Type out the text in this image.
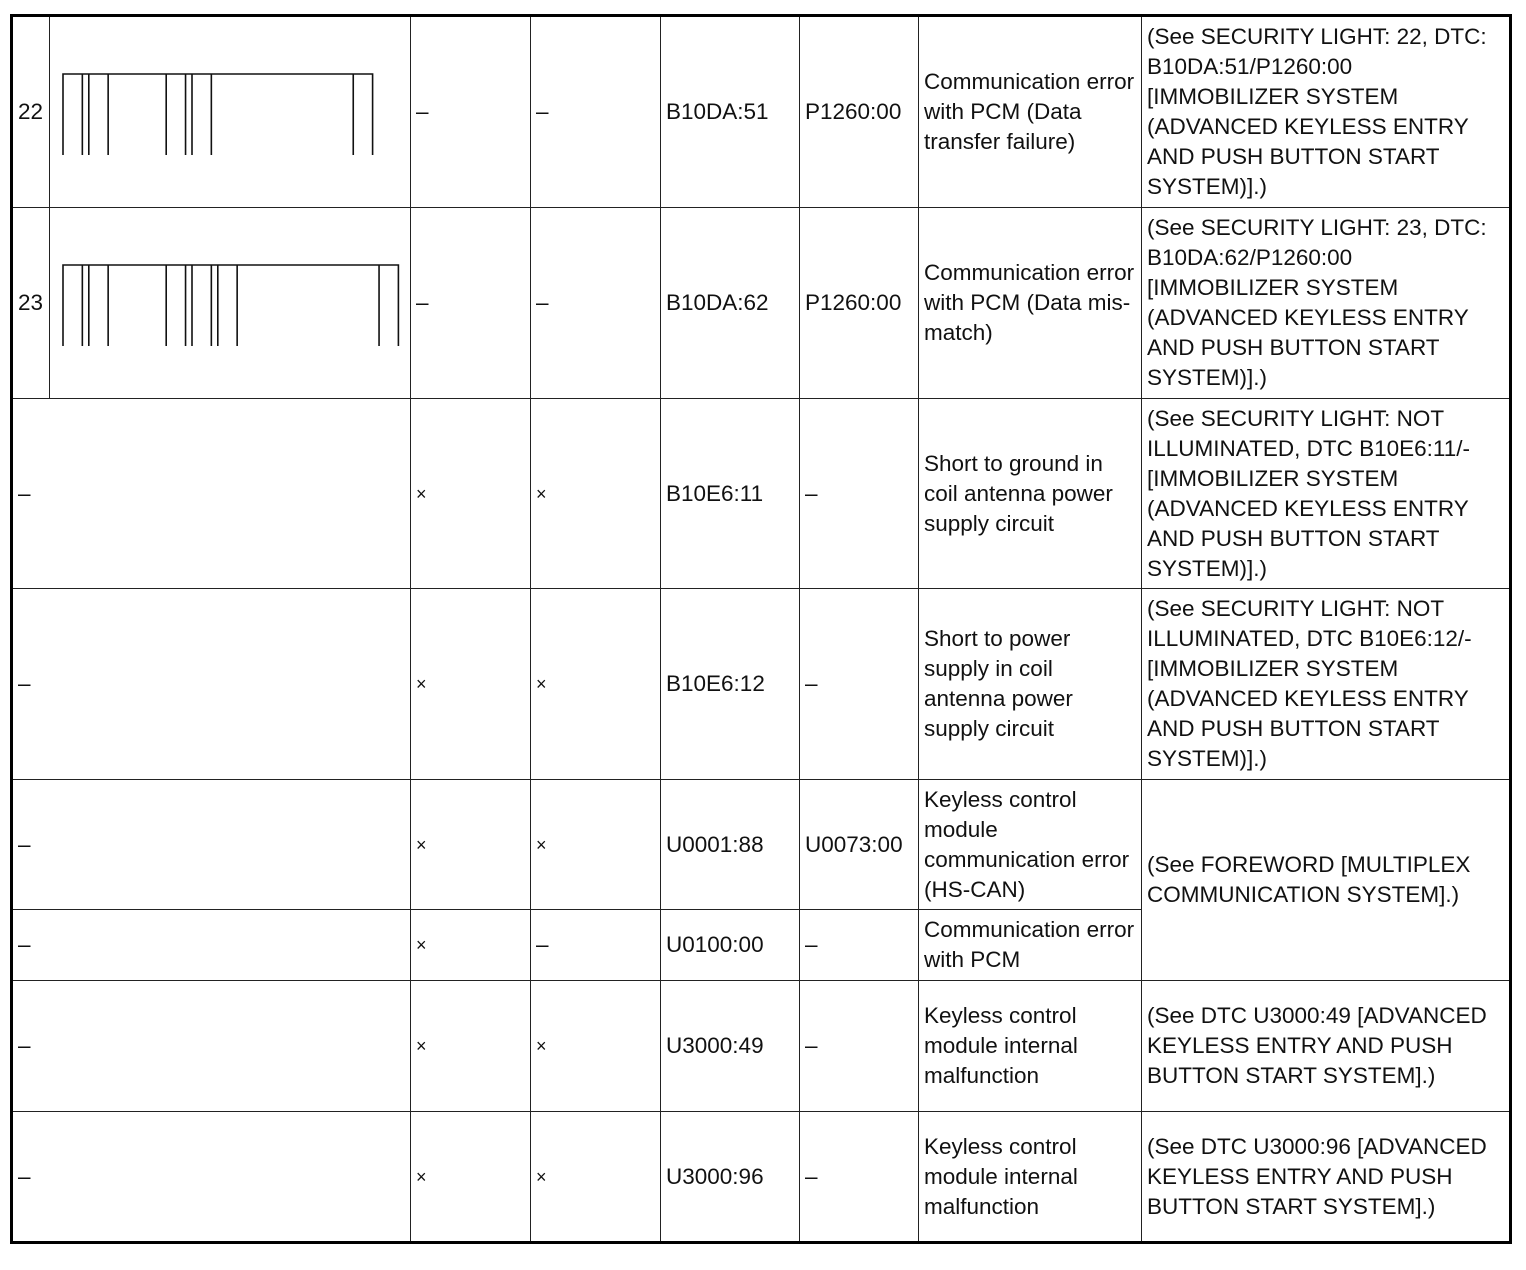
22		–	–	B10DA:51	P1260:00	Communication error with PCM (Data transfer failure)	(See SECURITY LIGHT: 22, DTC: B10DA:51/P1260:00 [IMMOBILIZER SYSTEM (ADVANCED KEYLESS ENTRY AND PUSH BUTTON START SYSTEM)].)
23		–	–	B10DA:62	P1260:00	Communication error with PCM (Data mis-match)	(See SECURITY LIGHT: 23, DTC: B10DA:62/P1260:00 [IMMOBILIZER SYSTEM (ADVANCED KEYLESS ENTRY AND PUSH BUTTON START SYSTEM)].)
–		×	×	B10E6:11	–	Short to ground in coil antenna power supply circuit	(See SECURITY LIGHT: NOT ILLUMINATED, DTC B10E6:11/- [IMMOBILIZER SYSTEM (ADVANCED KEYLESS ENTRY AND PUSH BUTTON START SYSTEM)].)
–		×	×	B10E6:12	–	Short to power supply in coil antenna power supply circuit	(See SECURITY LIGHT: NOT ILLUMINATED, DTC B10E6:12/- [IMMOBILIZER SYSTEM (ADVANCED KEYLESS ENTRY AND PUSH BUTTON START SYSTEM)].)
–		×	×	U0001:88	U0073:00	Keyless control module communication error (HS-CAN)	(See FOREWORD [MULTIPLEX COMMUNICATION SYSTEM].)
–		×	–	U0100:00	–	Communication error with PCM	
–		×	×	U3000:49	–	Keyless control module internal malfunction	(See DTC U3000:49 [ADVANCED KEYLESS ENTRY AND PUSH BUTTON START SYSTEM].)
–		×	×	U3000:96	–	Keyless control module internal malfunction	(See DTC U3000:96 [ADVANCED KEYLESS ENTRY AND PUSH BUTTON START SYSTEM].)
